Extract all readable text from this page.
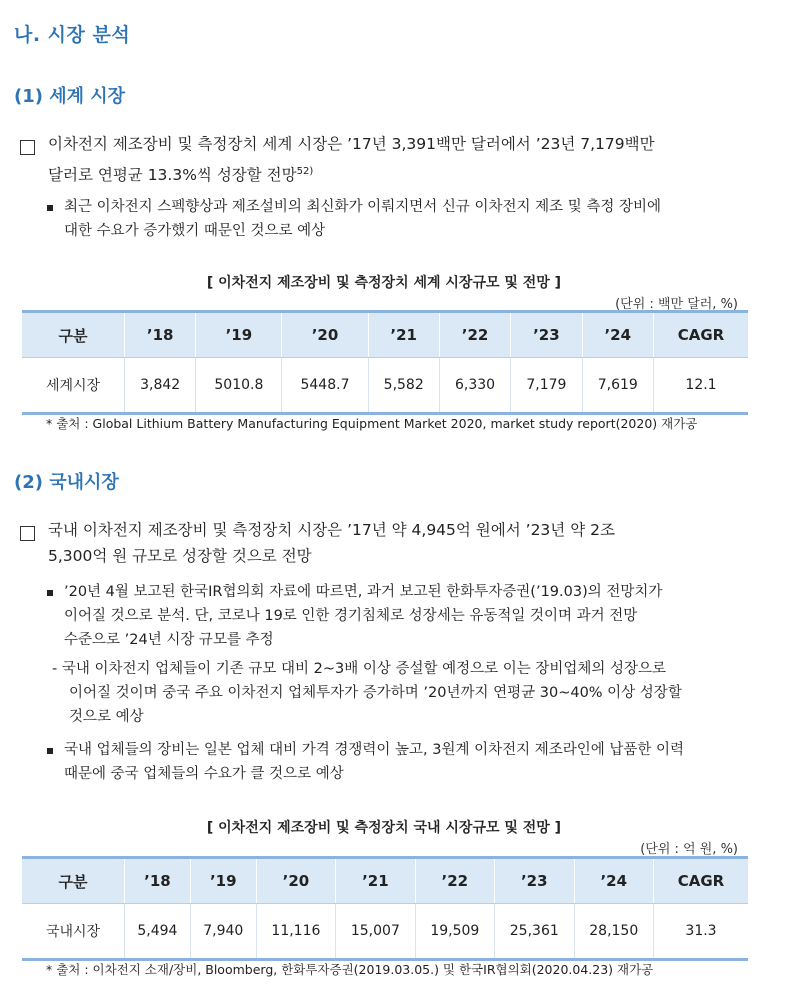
나. 시장 분석
(1) 세계 시장
이차전지 제조장비 및 측정장치 세계 시장은 ’17년 3,391백만 달러에서 ’23년 7,179백만
달러로 연평균 13.3%씩 성장할 전망$^{52)}$
최근 이차전지 스펙향상과 제조설비의 최신화가 이뤄지면서 신규 이차전지 제조 및 측정 장비에
대한 수요가 증가했기 때문인 것으로 예상
[ 이차전지 제조장비 및 측정장치 세계 시장규모 및 전망 ]
(단위 : 백만 달러, %)
구분	’18	’19	’20	’21	’22	’23	’24	CAGR
세계시장	3,842	5010.8	5448.7	5,582	6,330	7,179	7,619	12.1
* 출처 : Global Lithium Battery Manufacturing Equipment Market 2020, market study report(2020) 재가공
(2) 국내시장
국내 이차전지 제조장비 및 측정장치 시장은 ’17년 약 4,945억 원에서 ’23년 약 2조
5,300억 원 규모로 성장할 것으로 전망
’20년 4월 보고된 한국IR협의회 자료에 따르면, 과거 보고된 한화투자증권(’19.03)의 전망치가
이어질 것으로 분석. 단, 코로나 19로 인한 경기침체로 성장세는 유동적일 것이며 과거 전망
수준으로 ’24년 시장 규모를 추정
- 국내 이차전지 업체들이 기존 규모 대비 2~3배 이상 증설할 예정으로 이는 장비업체의 성장으로
이어질 것이며 중국 주요 이차전지 업체투자가 증가하며 ’20년까지 연평균 30~40% 이상 성장할
것으로 예상
국내 업체들의 장비는 일본 업체 대비 가격 경쟁력이 높고, 3원계 이차전지 제조라인에 납품한 이력
때문에 중국 업체들의 수요가 클 것으로 예상
[ 이차전지 제조장비 및 측정장치 국내 시장규모 및 전망 ]
(단위 : 억 원, %)
구분	’18	’19	’20	’21	’22	’23	’24	CAGR
국내시장	5,494	7,940	11,116	15,007	19,509	25,361	28,150	31.3
* 출처 : 이차전지 소재/장비, Bloomberg, 한화투자증권(2019.03.05.) 및 한국IR협의회(2020.04.23) 재가공
